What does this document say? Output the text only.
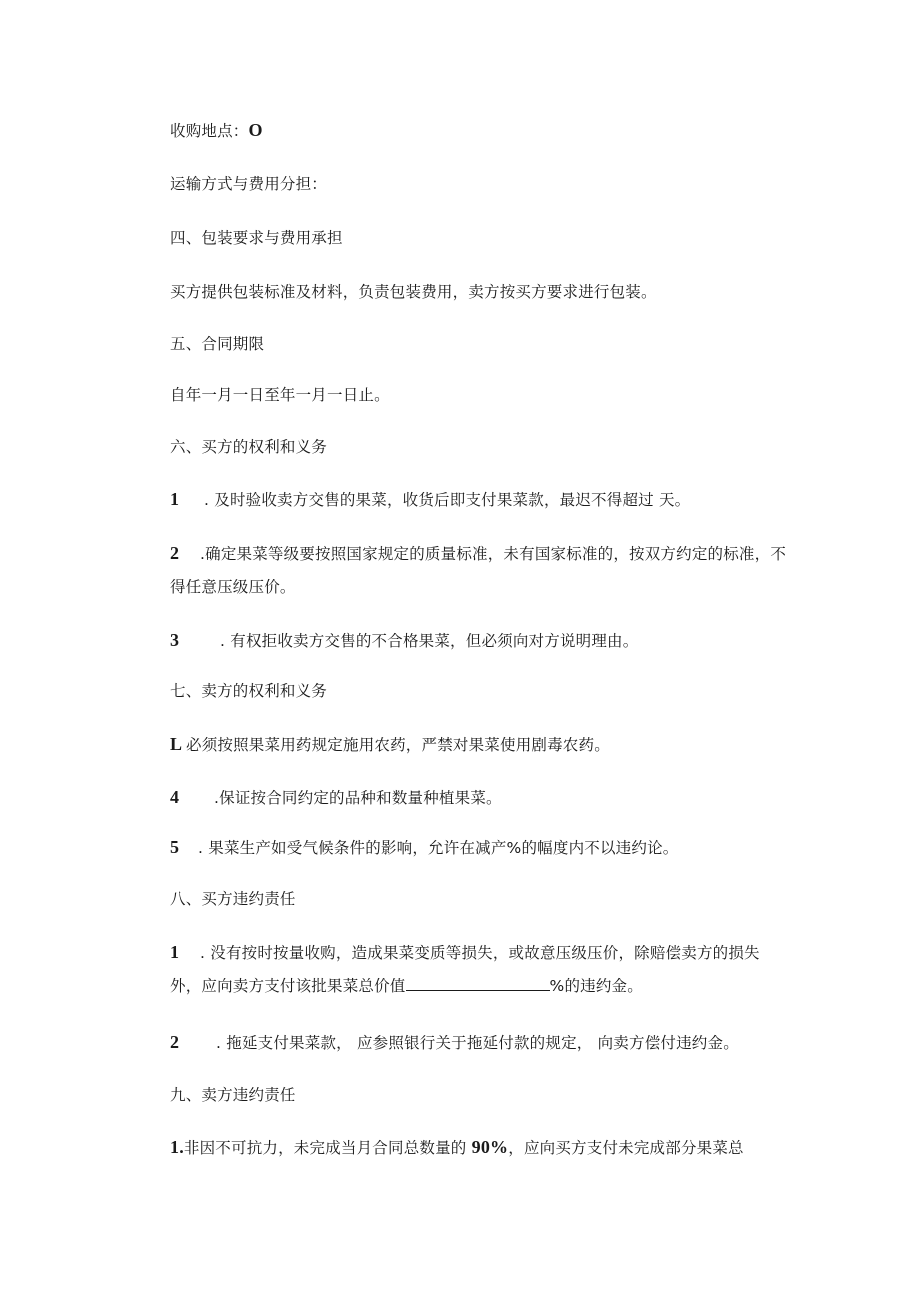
收购地点：O
运输方式与费用分担：
四、包装要求与费用承担
买方提供包装标准及材料，负责包装费用，卖方按买方要求进行包装。
五、合同期限
自年一月一日至年一月一日止。
六、买方的权利和义务
1 . 及时验收卖方交售的果菜，收货后即支付果菜款，最迟不得超过 天。
2 .确定果菜等级要按照国家规定的质量标准，未有国家标准的，按双方约定的标准，不得任意压级压价。
3	. 有权拒收卖方交售的不合格果菜，但必须向对方说明理由。
七、卖方的权利和义务
L 必须按照果菜用药规定施用农药，严禁对果菜使用剧毒农药。
4 .保证按合同约定的品种和数量种植果菜。
5 . 果菜生产如受气候条件的影响，允许在减产%的幅度内不以违约论。
八、买方违约责任
1 . 没有按时按量收购，造成果菜变质等损失，或故意压级压价，除赔偿卖方的损失外，应向卖方支付该批果菜总价值	%的违约金。
2 . 拖延支付果菜款， 应参照银行关于拖延付款的规定， 向卖方偿付违约金。
九、卖方违约责任
1.非因不可抗力，未完成当月合同总数量的 90%，应向买方支付未完成部分果菜总
